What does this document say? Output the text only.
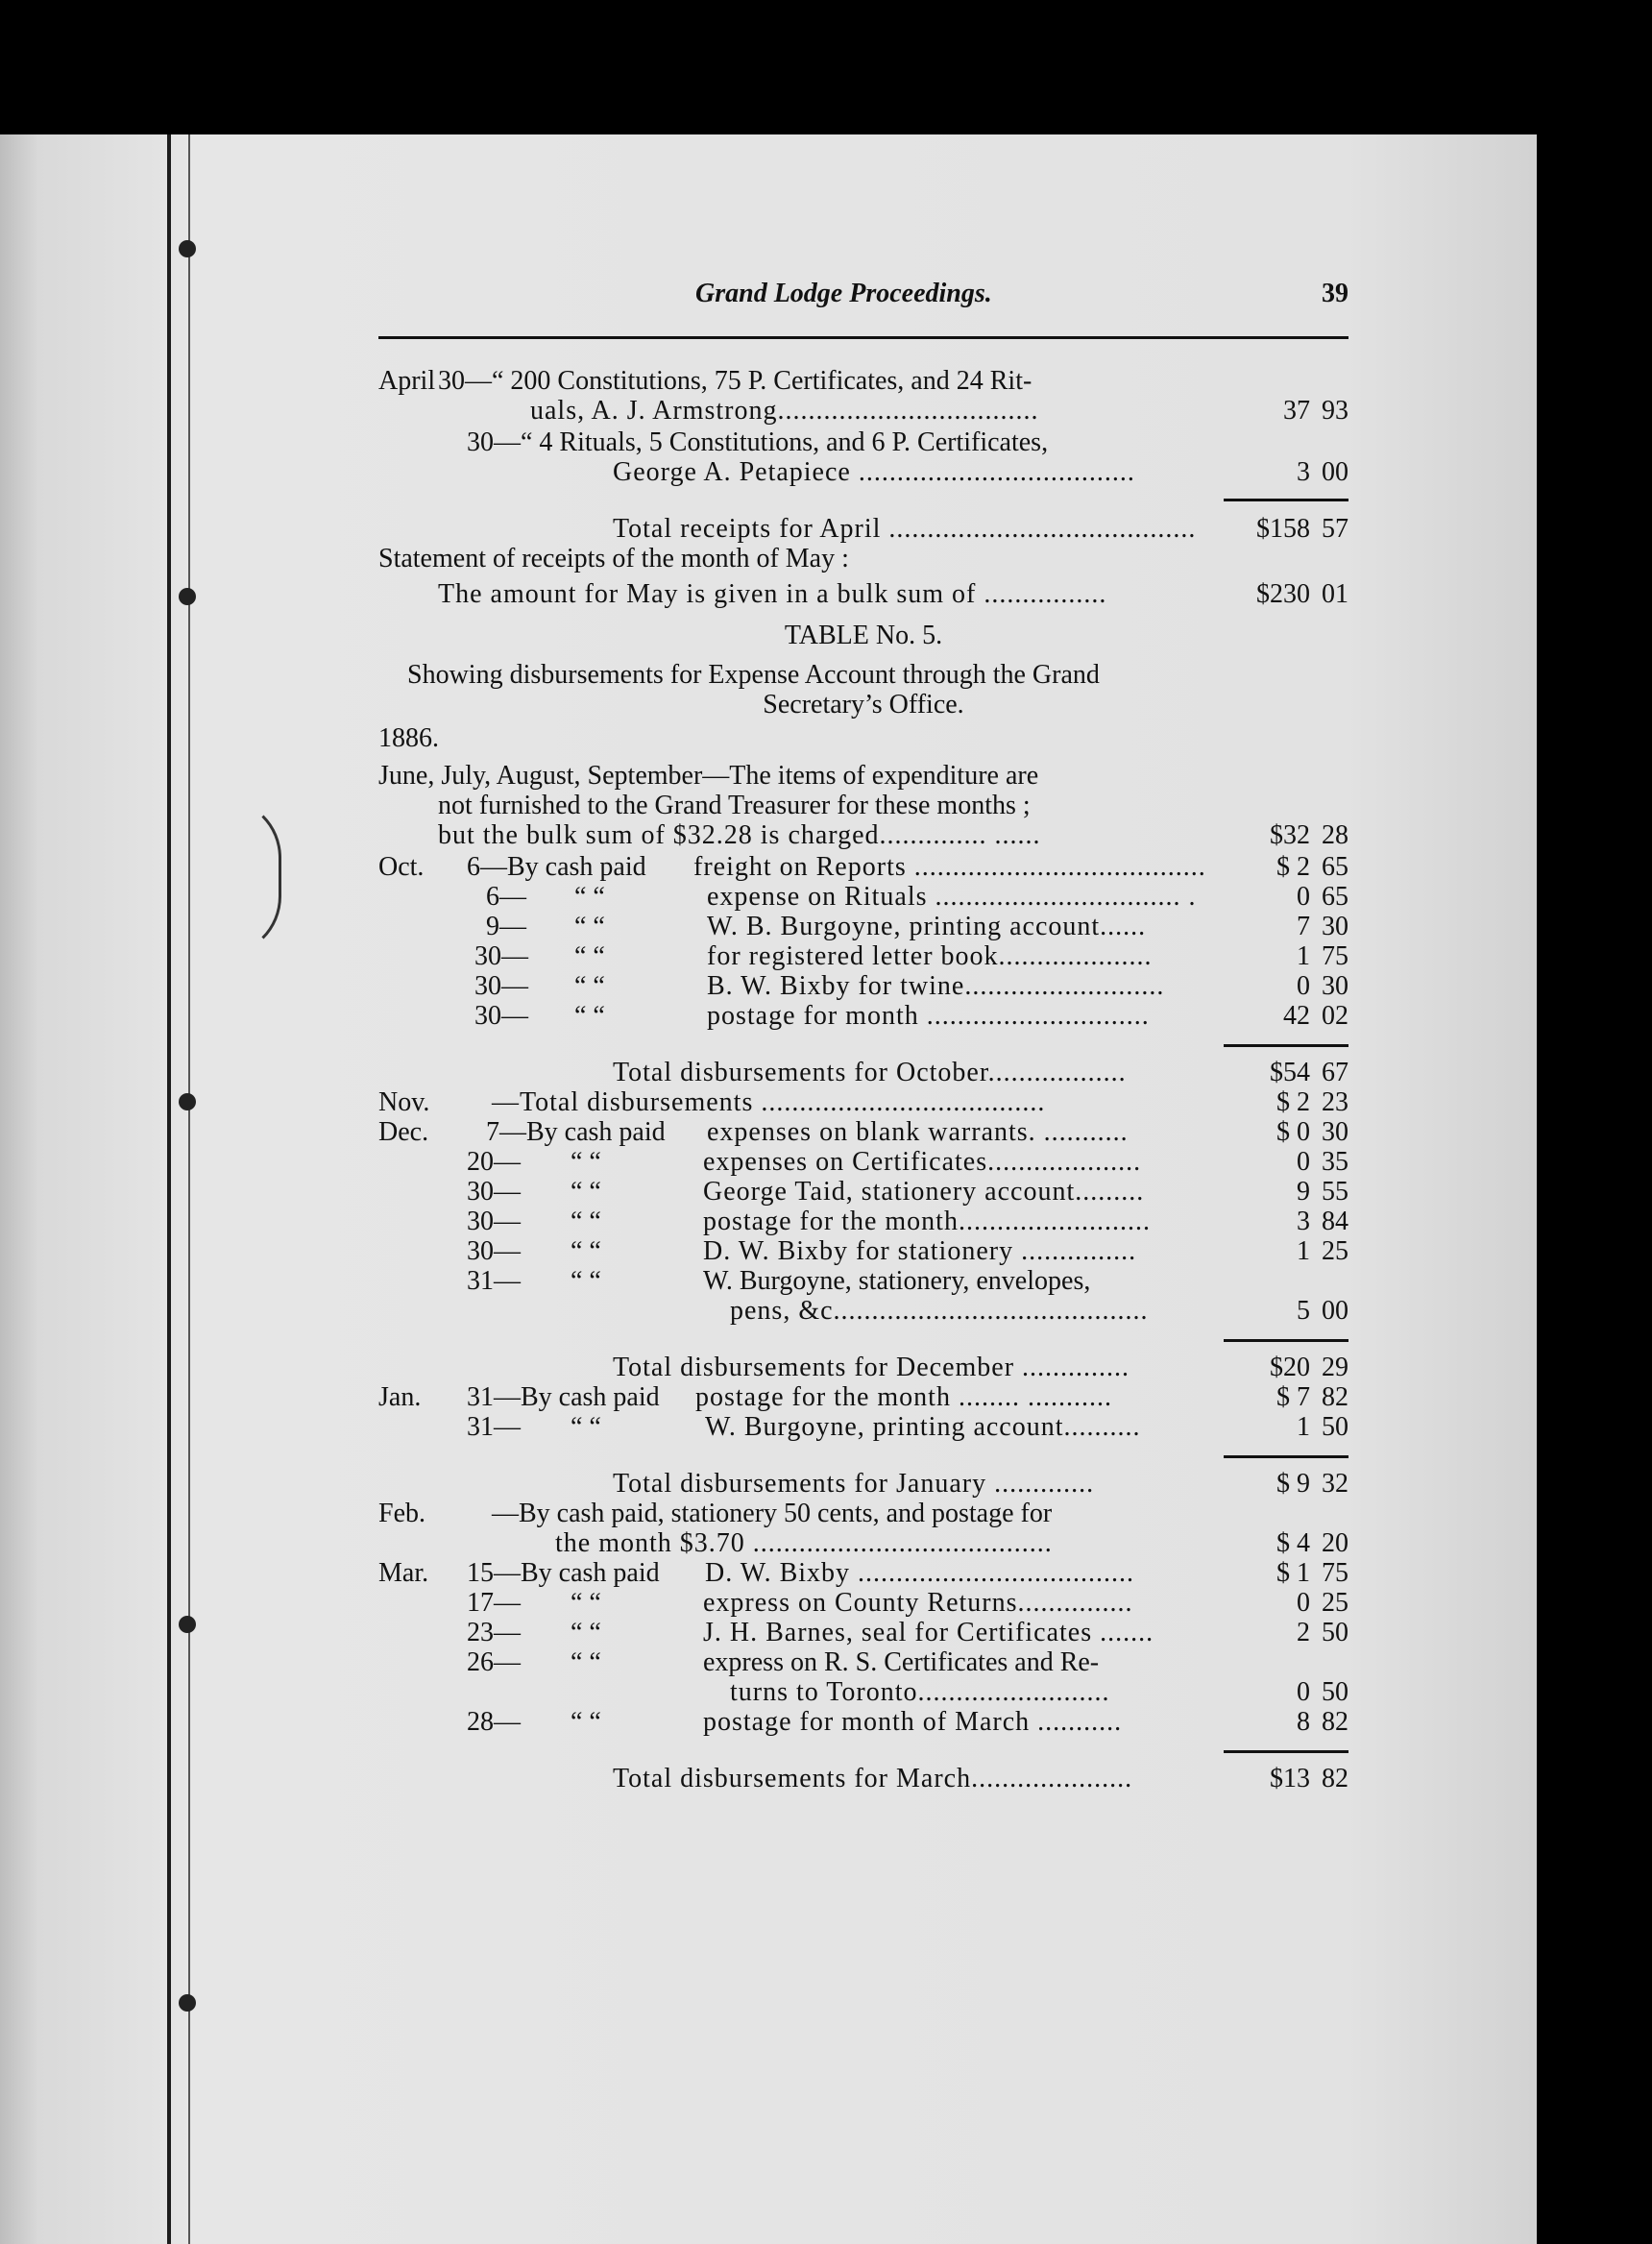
Grand Lodge Proceedings.	39
April 30— “ 200 Constitutions, 75 P. Certificates, and 24 Rit-
uals, A. J. Armstrong..................................	37 93
30— “ 4 Rituals, 5 Constitutions, and 6 P. Certificates,
George A. Petapiece ....................................	3 00
Total receipts for April ........................................ $158 57
Statement of receipts of the month of May :
The amount for May is given in a bulk sum of ................	$230 01
TABLE No. 5.
Showing disbursements for Expense Account through the Grand
Secretary’s Office.
1886.
June, July, August, September—The items of expenditure are
not furnished to the Grand Treasurer for these months ;
but the bulk sum of $32.28 is charged.............. ......	$32 28
Oct. 6—By cash paid freight on Reports ......................................	$ 2 65
6— “ “	expense on Rituals ................................ .	0 65
9— “ “	W. B. Burgoyne, printing account......	7 30
30— “ “	for registered letter book....................	1 75
30— “ “	B. W. Bixby for twine..........................	0 30
30— “ “	postage for month .............................	42 02
Total disbursements for October..................	$54 67
Nov. —Total disbursements .....................................	$ 2 23
Dec. 7—By cash paid expenses on blank warrants. ...........	$ 0 30
20— “ “	expenses on Certificates....................	0 35
30— “ “	George Taid, stationery account.........	9 55
30— “ “	postage for the month.........................	3 84
30— “ “	D. W. Bixby for stationery ...............	1 25
31— “ “	W. Burgoyne, stationery, envelopes,
pens, &c.........................................	5 00
Total disbursements for December ..............	$20 29
Jan. 31—By cash paid postage for the month ........ ...........	$ 7 82
31— “ “	W. Burgoyne, printing account..........	1 50
Total disbursements for January .............	$ 9 32
Feb. —By cash paid, stationery 50 cents, and postage for
the month $3.70 .......................................	$ 4 20
Mar. 15—By cash paid D. W. Bixby ....................................	$ 1 75
17— “ “	express on County Returns...............	0 25
23— “ “	J. H. Barnes, seal for Certificates .......	2 50
26— “ “	express on R. S. Certificates and Re-
turns to Toronto.........................	0 50
28— “ “	postage for month of March ...........	8 82
Total disbursements for March.....................	$13 82
